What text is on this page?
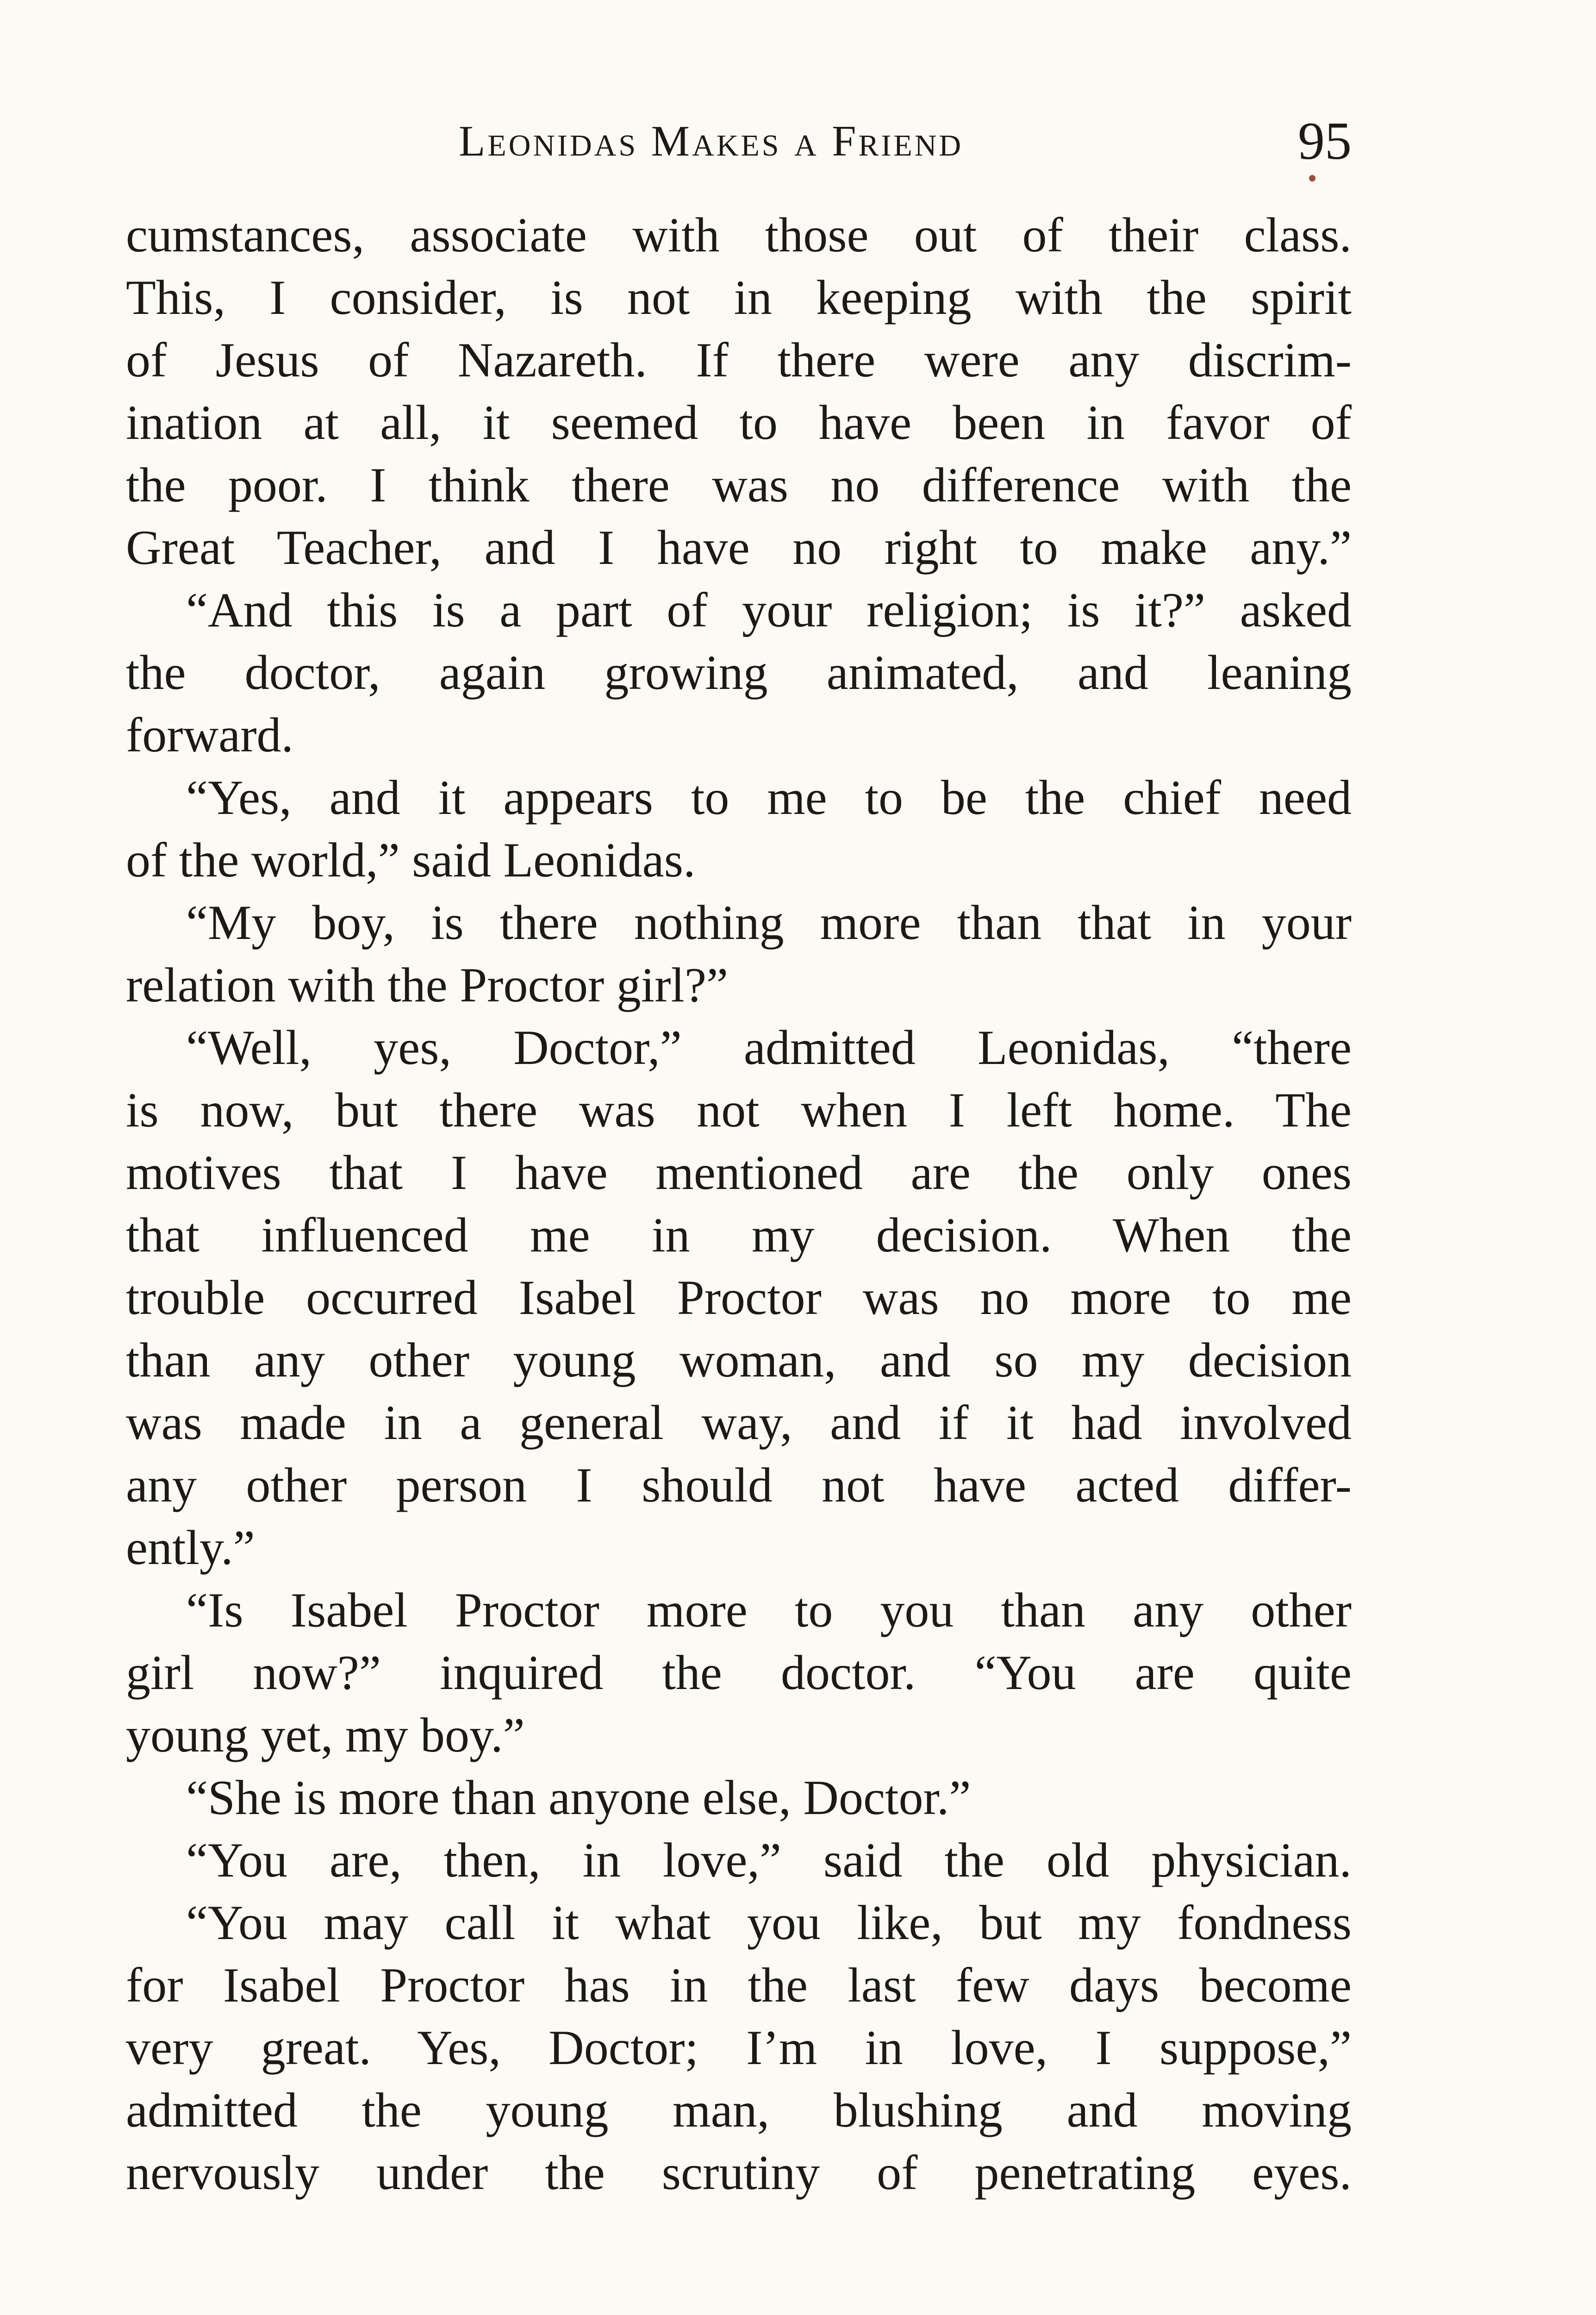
Leonidas Makes a Friend	95
cumstances, associate with those out of their class.
This, I consider, is not in keeping with the spirit
of Jesus of Nazareth. If there were any discrim-
ination at all, it seemed to have been in favor of
the poor. I think there was no difference with the
Great Teacher, and I have no right to make any.”
“And this is a part of your religion; is it?” asked
the doctor, again growing animated, and leaning
forward.
“Yes, and it appears to me to be the chief need
of the world,” said Leonidas.
“My boy, is there nothing more than that in your
relation with the Proctor girl?”
“Well, yes, Doctor,” admitted Leonidas, “there
is now, but there was not when I left home. The
motives that I have mentioned are the only ones
that influenced me in my decision. When the
trouble occurred Isabel Proctor was no more to me
than any other young woman, and so my decision
was made in a general way, and if it had involved
any other person I should not have acted differ-
ently.”
“Is Isabel Proctor more to you than any other
girl now?” inquired the doctor. “You are quite
young yet, my boy.”
“She is more than anyone else, Doctor.”
“You are, then, in love,” said the old physician.
“You may call it what you like, but my fondness
for Isabel Proctor has in the last few days become
very great. Yes, Doctor; I’m in love, I suppose,”
admitted the young man, blushing and moving
nervously under the scrutiny of penetrating eyes.
